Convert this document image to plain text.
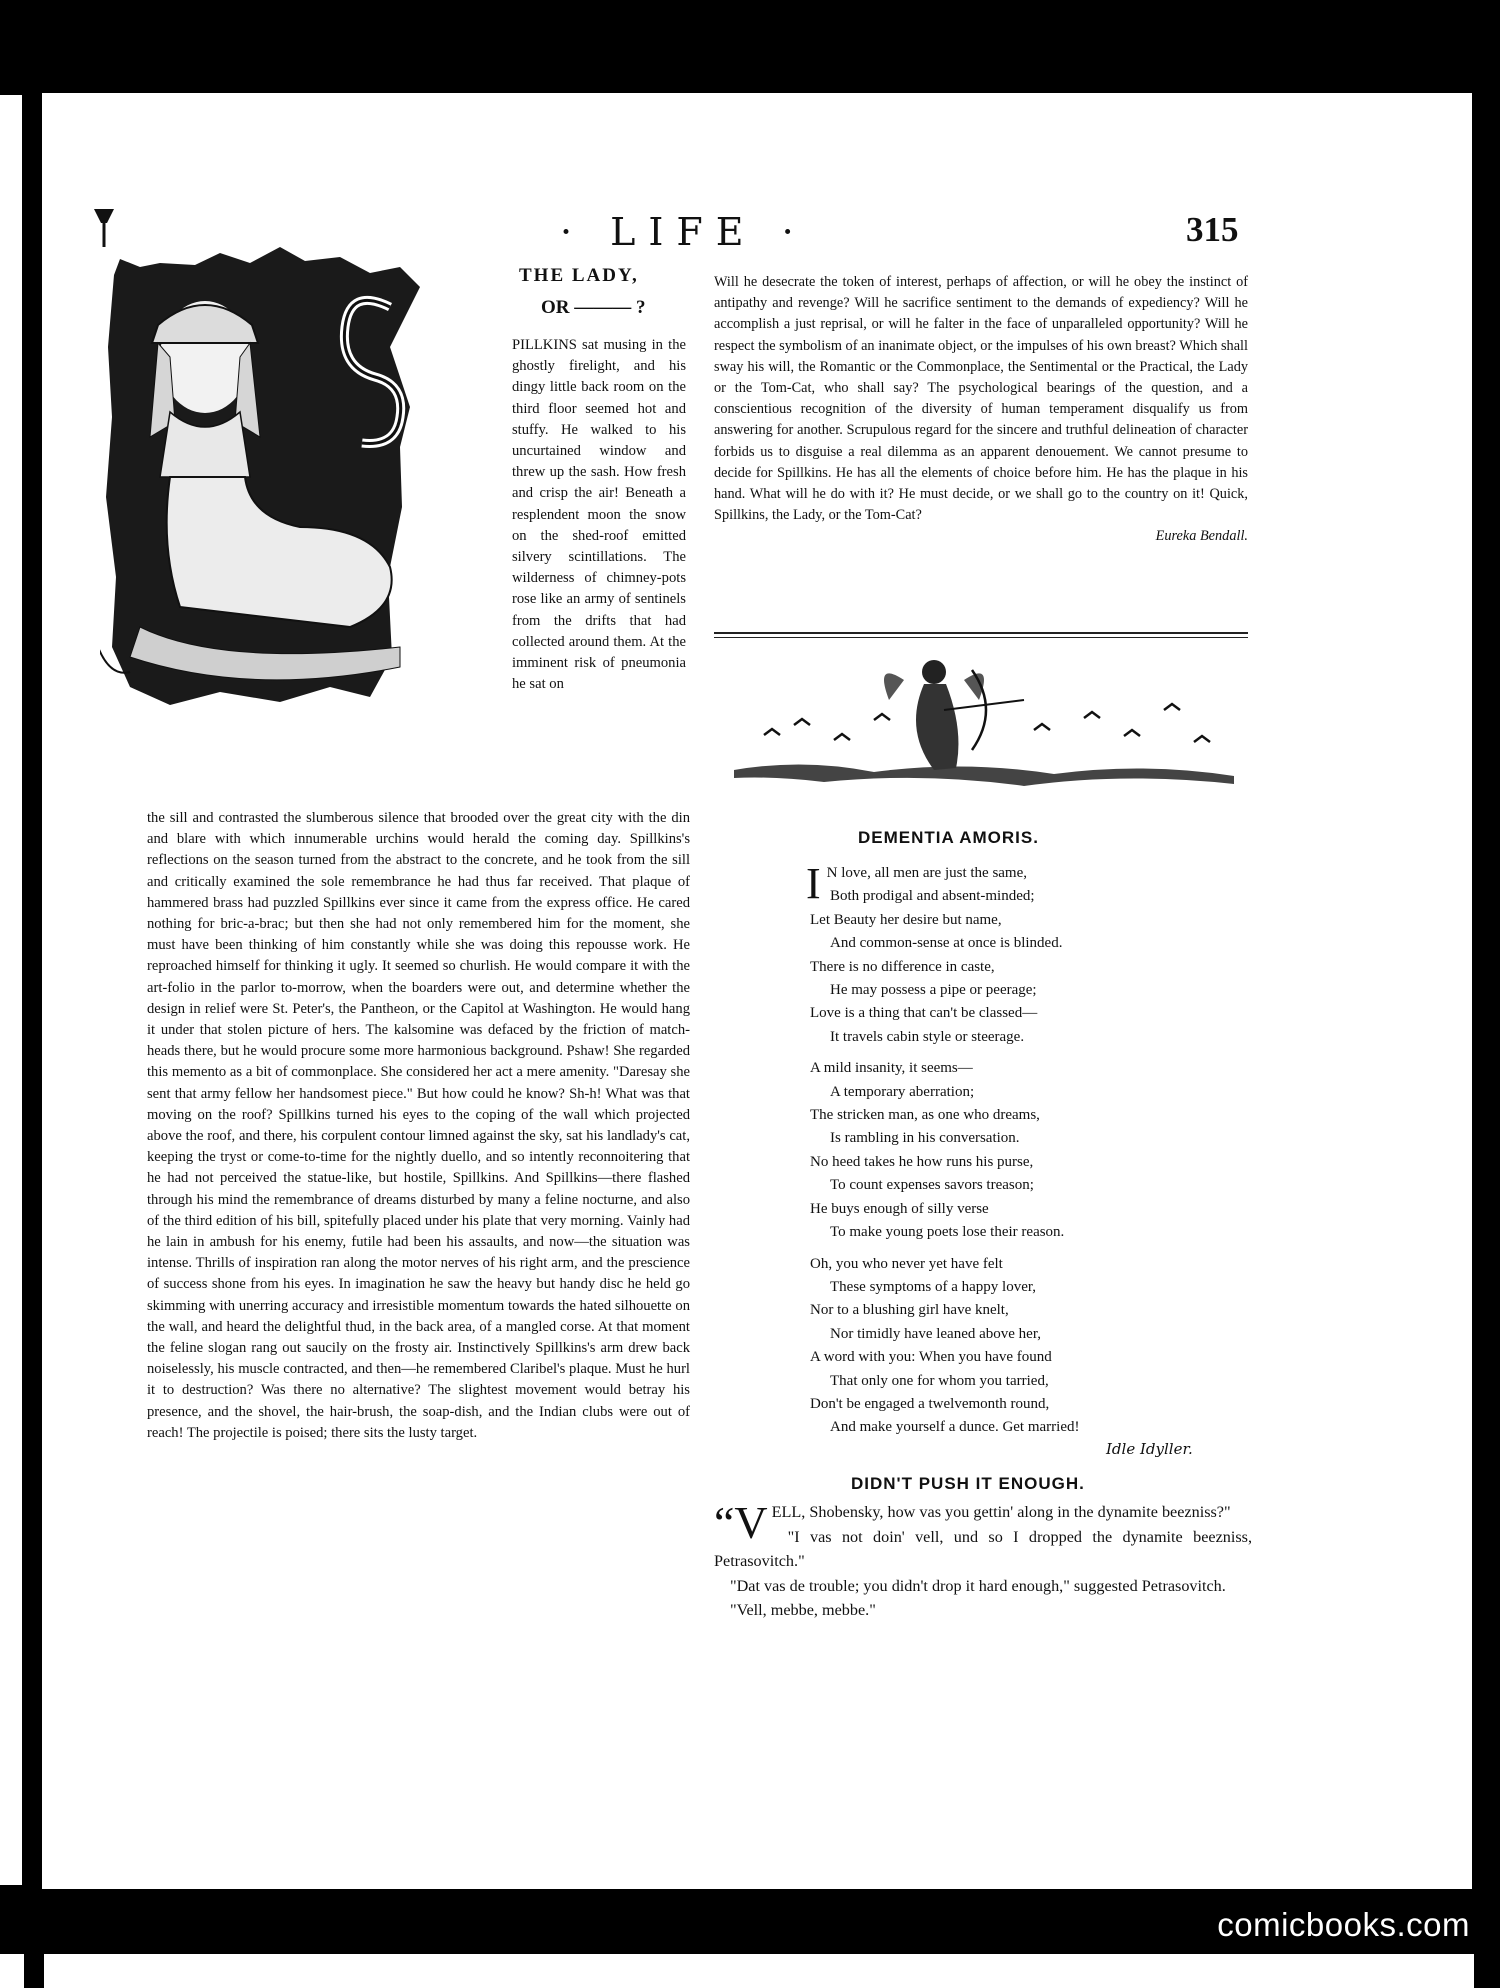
· LIFE ·	315
THE LADY,
OR ——— ?
PILLKINS sat musing in the ghostly firelight, and his dingy little back room on the third floor seemed hot and stuffy. He walked to his uncurtained window and threw up the sash. How fresh and crisp the air! Beneath a resplendent moon the snow on the shed-roof emitted silvery scintillations. The wilderness of chimney-pots rose like an army of sentinels from the drifts that had collected around them. At the imminent risk of pneumonia he sat on
the sill and contrasted the slumberous silence that brooded over the great city with the din and blare with which innumerable urchins would herald the coming day. Spillkins's reflections on the season turned from the abstract to the concrete, and he took from the sill and critically examined the sole remembrance he had thus far received. That plaque of hammered brass had puzzled Spillkins ever since it came from the express office. He cared nothing for bric-a-brac; but then she had not only remembered him for the moment, she must have been thinking of him constantly while she was doing this repousse work. He reproached himself for thinking it ugly. It seemed so churlish. He would compare it with the art-folio in the parlor to-morrow, when the boarders were out, and determine whether the design in relief were St. Peter's, the Pantheon, or the Capitol at Washington. He would hang it under that stolen picture of hers. The kalsomine was defaced by the friction of match-heads there, but he would procure some more harmonious background. Pshaw! She regarded this memento as a bit of commonplace. She considered her act a mere amenity. "Daresay she sent that army fellow her handsomest piece." But how could he know? Sh-h! What was that moving on the roof? Spillkins turned his eyes to the coping of the wall which projected above the roof, and there, his corpulent contour limned against the sky, sat his landlady's cat, keeping the tryst or come-to-time for the nightly duello, and so intently reconnoitering that he had not perceived the statue-like, but hostile, Spillkins. And Spillkins—there flashed through his mind the remembrance of dreams disturbed by many a feline nocturne, and also of the third edition of his bill, spitefully placed under his plate that very morning. Vainly had he lain in ambush for his enemy, futile had been his assaults, and now—the situation was intense. Thrills of inspiration ran along the motor nerves of his right arm, and the prescience of success shone from his eyes. In imagination he saw the heavy but handy disc he held go skimming with unerring accuracy and irresistible momentum towards the hated silhouette on the wall, and heard the delightful thud, in the back area, of a mangled corse. At that moment the feline slogan rang out saucily on the frosty air. Instinctively Spillkins's arm drew back noiselessly, his muscle contracted, and then—he remembered Claribel's plaque. Must he hurl it to destruction? Was there no alternative? The slightest movement would betray his presence, and the shovel, the hair-brush, the soap-dish, and the Indian clubs were out of reach! The projectile is poised; there sits the lusty target.
Will he desecrate the token of interest, perhaps of affection, or will he obey the instinct of antipathy and revenge? Will he sacrifice sentiment to the demands of expediency? Will he accomplish a just reprisal, or will he falter in the face of unparalleled opportunity? Will he respect the symbolism of an inanimate object, or the impulses of his own breast? Which shall sway his will, the Romantic or the Commonplace, the Sentimental or the Practical, the Lady or the Tom-Cat, who shall say? The psychological bearings of the question, and a conscientious recognition of the diversity of human temperament disqualify us from answering for another. Scrupulous regard for the sincere and truthful delineation of character forbids us to disguise a real dilemma as an apparent denouement. We cannot presume to decide for Spillkins. He has all the elements of choice before him. He has the plaque in his hand. What will he do with it? He must decide, or we shall go to the country on it! Quick, Spillkins, the Lady, or the Tom-Cat?
Eureka Bendall.
DEMENTIA AMORIS.
I N love, all men are just the same,
Both prodigal and absent-minded;
Let Beauty her desire but name,
And common-sense at once is blinded.
There is no difference in caste,
He may possess a pipe or peerage;
Love is a thing that can't be classed—
It travels cabin style or steerage.
A mild insanity, it seems—
A temporary aberration;
The stricken man, as one who dreams,
Is rambling in his conversation.
No heed takes he how runs his purse,
To count expenses savors treason;
He buys enough of silly verse
To make young poets lose their reason.
Oh, you who never yet have felt
These symptoms of a happy lover,
Nor to a blushing girl have knelt,
Nor timidly have leaned above her,
A word with you: When you have found
That only one for whom you tarried,
Don't be engaged a twelvemonth round,
And make yourself a dunce. Get married!
Idle Idyller.
DIDN'T PUSH IT ENOUGH.

“VELL, Shobensky, how vas you gettin' along in the dynamite beezniss?"

"I vas not doin' vell, und so I dropped the dynamite beezniss, Petrasovitch."

"Dat vas de trouble; you didn't drop it hard enough," suggested Petrasovitch.

"Vell, mebbe, mebbe."

comicbooks.com
